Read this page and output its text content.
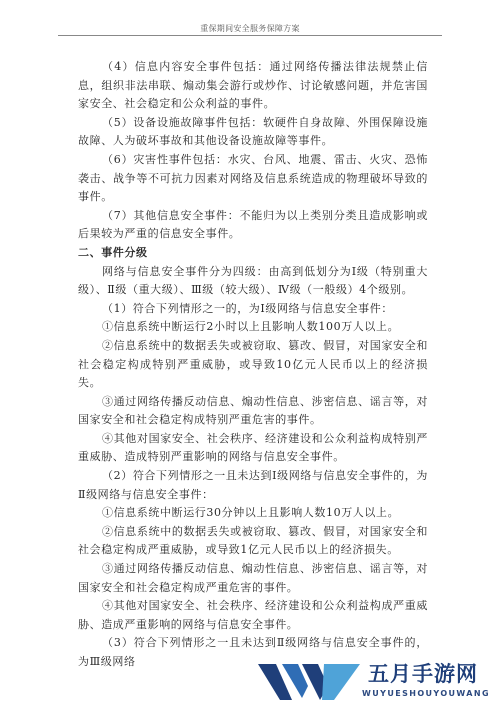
重保期间安全服务保障方案

（4）信息内容安全事件包括：通过网络传播法律法规禁止信息，组织非法串联、煽动集会游行或炒作、讨论敏感问题，并危害国家安全、社会稳定和公众利益的事件。

（5）设备设施故障事件包括：软硬件自身故障、外围保障设施故障、人为破坏事故和其他设备设施故障等事件。

（6）灾害性事件包括：水灾、台风、地震、雷击、火灾、恐怖袭击、战争等不可抗力因素对网络及信息系统造成的物理破坏导致的事件。

（7）其他信息安全事件：不能归为以上类别分类且造成影响或后果较为严重的信息安全事件。

二、事件分级

网络与信息安全事件分为四级：由高到低划分为Ⅰ级（特别重大级）、Ⅱ级（重大级）、Ⅲ级（较大级）、Ⅳ级（一般级）4个级别。

（1）符合下列情形之一的，为Ⅰ级网络与信息安全事件：

①信息系统中断运行2小时以上且影响人数100万人以上。

②信息系统中的数据丢失或被窃取、篡改、假冒，对国家安全和社会稳定构成特别严重威胁，或导致10亿元人民币以上的经济损失。

③通过网络传播反动信息、煽动性信息、涉密信息、谣言等，对国家安全和社会稳定构成特别严重危害的事件。

④其他对国家安全、社会秩序、经济建设和公众利益构成特别严重威胁、造成特别严重影响的网络与信息安全事件。

（2）符合下列情形之一且未达到Ⅰ级网络与信息安全事件的，为Ⅱ级网络与信息安全事件：

①信息系统中断运行30分钟以上且影响人数10万人以上。

②信息系统中的数据丢失或被窃取、篡改、假冒，对国家安全和社会稳定构成严重威胁，或导致1亿元人民币以上的经济损失。

③通过网络传播反动信息、煽动性信息、涉密信息、谣言等，对国家安全和社会稳定构成严重危害的事件。

④其他对国家安全、社会秩序、经济建设和公众利益构成严重威胁、造成严重影响的网络与信息安全事件。

（3）符合下列情形之一且未达到Ⅱ级网络与信息安全事件的，为Ⅲ级网络

五月手游网
WUYUESHOUYOUWANG
